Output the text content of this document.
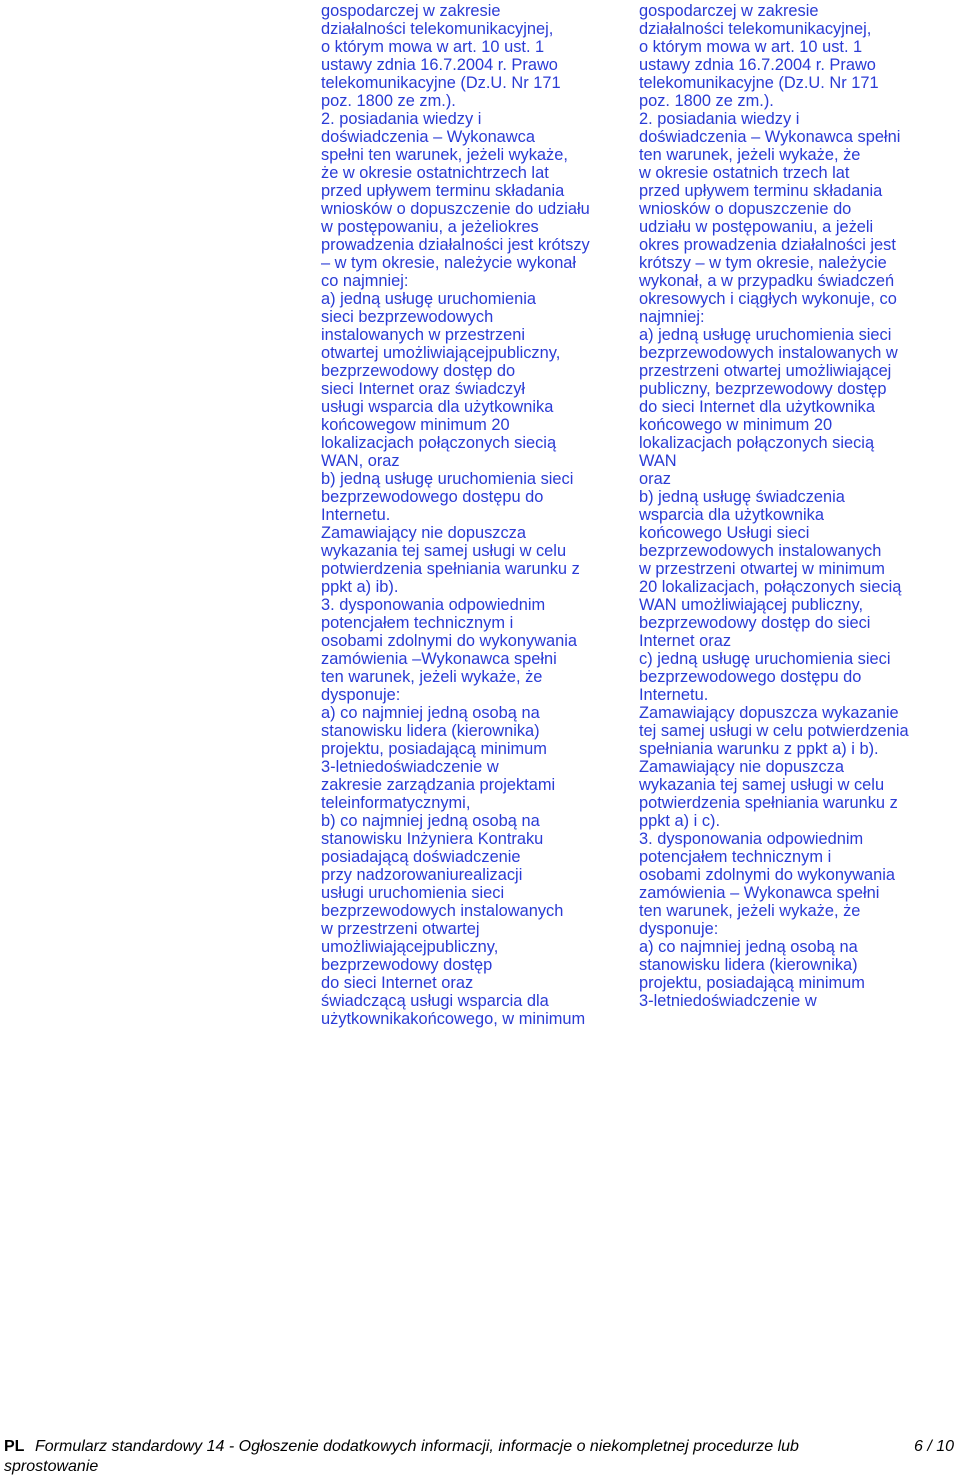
gospodarczej w zakresie
działalności telekomunikacyjnej,
o którym mowa w art. 10 ust. 1
ustawy zdnia 16.7.2004 r. Prawo
telekomunikacyjne (Dz.U. Nr 171
poz. 1800 ze zm.).
2. posiadania wiedzy i
doświadczenia – Wykonawca
spełni ten warunek, jeżeli wykaże,
że w okresie ostatnichtrzech lat
przed upływem terminu składania
wniosków o dopuszczenie do udziału
w postępowaniu, a jeżeliokres
prowadzenia działalności jest krótszy
– w tym okresie, należycie wykonał
co najmniej:
a) jedną usługę uruchomienia
sieci bezprzewodowych
instalowanych w przestrzeni
otwartej umożliwiającejpubliczny,
bezprzewodowy dostęp do
sieci Internet oraz świadczył
usługi wsparcia dla użytkownika
końcowegow minimum 20
lokalizacjach połączonych siecią
WAN, oraz
b) jedną usługę uruchomienia sieci
bezprzewodowego dostępu do
Internetu.
Zamawiający nie dopuszcza
wykazania tej samej usługi w celu
potwierdzenia spełniania warunku z
ppkt a) ib).
3. dysponowania odpowiednim
potencjałem technicznym i
osobami zdolnymi do wykonywania
zamówienia –Wykonawca spełni
ten warunek, jeżeli wykaże, że
dysponuje:
a) co najmniej jedną osobą na
stanowisku lidera (kierownika)
projektu, posiadającą minimum
3-letniedoświadczenie w
zakresie zarządzania projektami
teleinformatycznymi,
b) co najmniej jedną osobą na
stanowisku Inżyniera Kontraku
posiadającą doświadczenie
przy nadzorowaniurealizacji
usługi uruchomienia sieci
bezprzewodowych instalowanych
w przestrzeni otwartej
umożliwiającejpubliczny,
bezprzewodowy dostęp
do sieci Internet oraz
świadczącą usługi wsparcia dla
użytkownikakońcowego, w minimum
gospodarczej w zakresie
działalności telekomunikacyjnej,
o którym mowa w art. 10 ust. 1
ustawy zdnia 16.7.2004 r. Prawo
telekomunikacyjne (Dz.U. Nr 171
poz. 1800 ze zm.).
2. posiadania wiedzy i
doświadczenia – Wykonawca spełni
ten warunek, jeżeli wykaże, że
w okresie ostatnich trzech lat
przed upływem terminu składania
wniosków o dopuszczenie do
udziału w postępowaniu, a jeżeli
okres prowadzenia działalności jest
krótszy – w tym okresie, należycie
wykonał, a w przypadku świadczeń
okresowych i ciągłych wykonuje, co
najmniej:
a) jedną usługę uruchomienia sieci
bezprzewodowych instalowanych w
przestrzeni otwartej umożliwiającej
publiczny, bezprzewodowy dostęp
do sieci Internet dla użytkownika
końcowego w minimum 20
lokalizacjach połączonych siecią
WAN
oraz
b) jedną usługę świadczenia
wsparcia dla użytkownika
końcowego Usługi sieci
bezprzewodowych instalowanych
w przestrzeni otwartej w minimum
20 lokalizacjach, połączonych siecią
WAN umożliwiającej publiczny,
bezprzewodowy dostęp do sieci
Internet oraz
c) jedną usługę uruchomienia sieci
bezprzewodowego dostępu do
Internetu.
Zamawiający dopuszcza wykazanie
tej samej usługi w celu potwierdzenia
spełniania warunku z ppkt a) i b).
Zamawiający nie dopuszcza
wykazania tej samej usługi w celu
potwierdzenia spełniania warunku z
ppkt a) i c).
3. dysponowania odpowiednim
potencjałem technicznym i
osobami zdolnymi do wykonywania
zamówienia – Wykonawca spełni
ten warunek, jeżeli wykaże, że
dysponuje:
a) co najmniej jedną osobą na
stanowisku lidera (kierownika)
projektu, posiadającą minimum
3-letniedoświadczenie w
PL Formularz standardowy 14 - Ogłoszenie dodatkowych informacji, informacje o niekompletnej procedurze lub	6 / 10
sprostowanie
